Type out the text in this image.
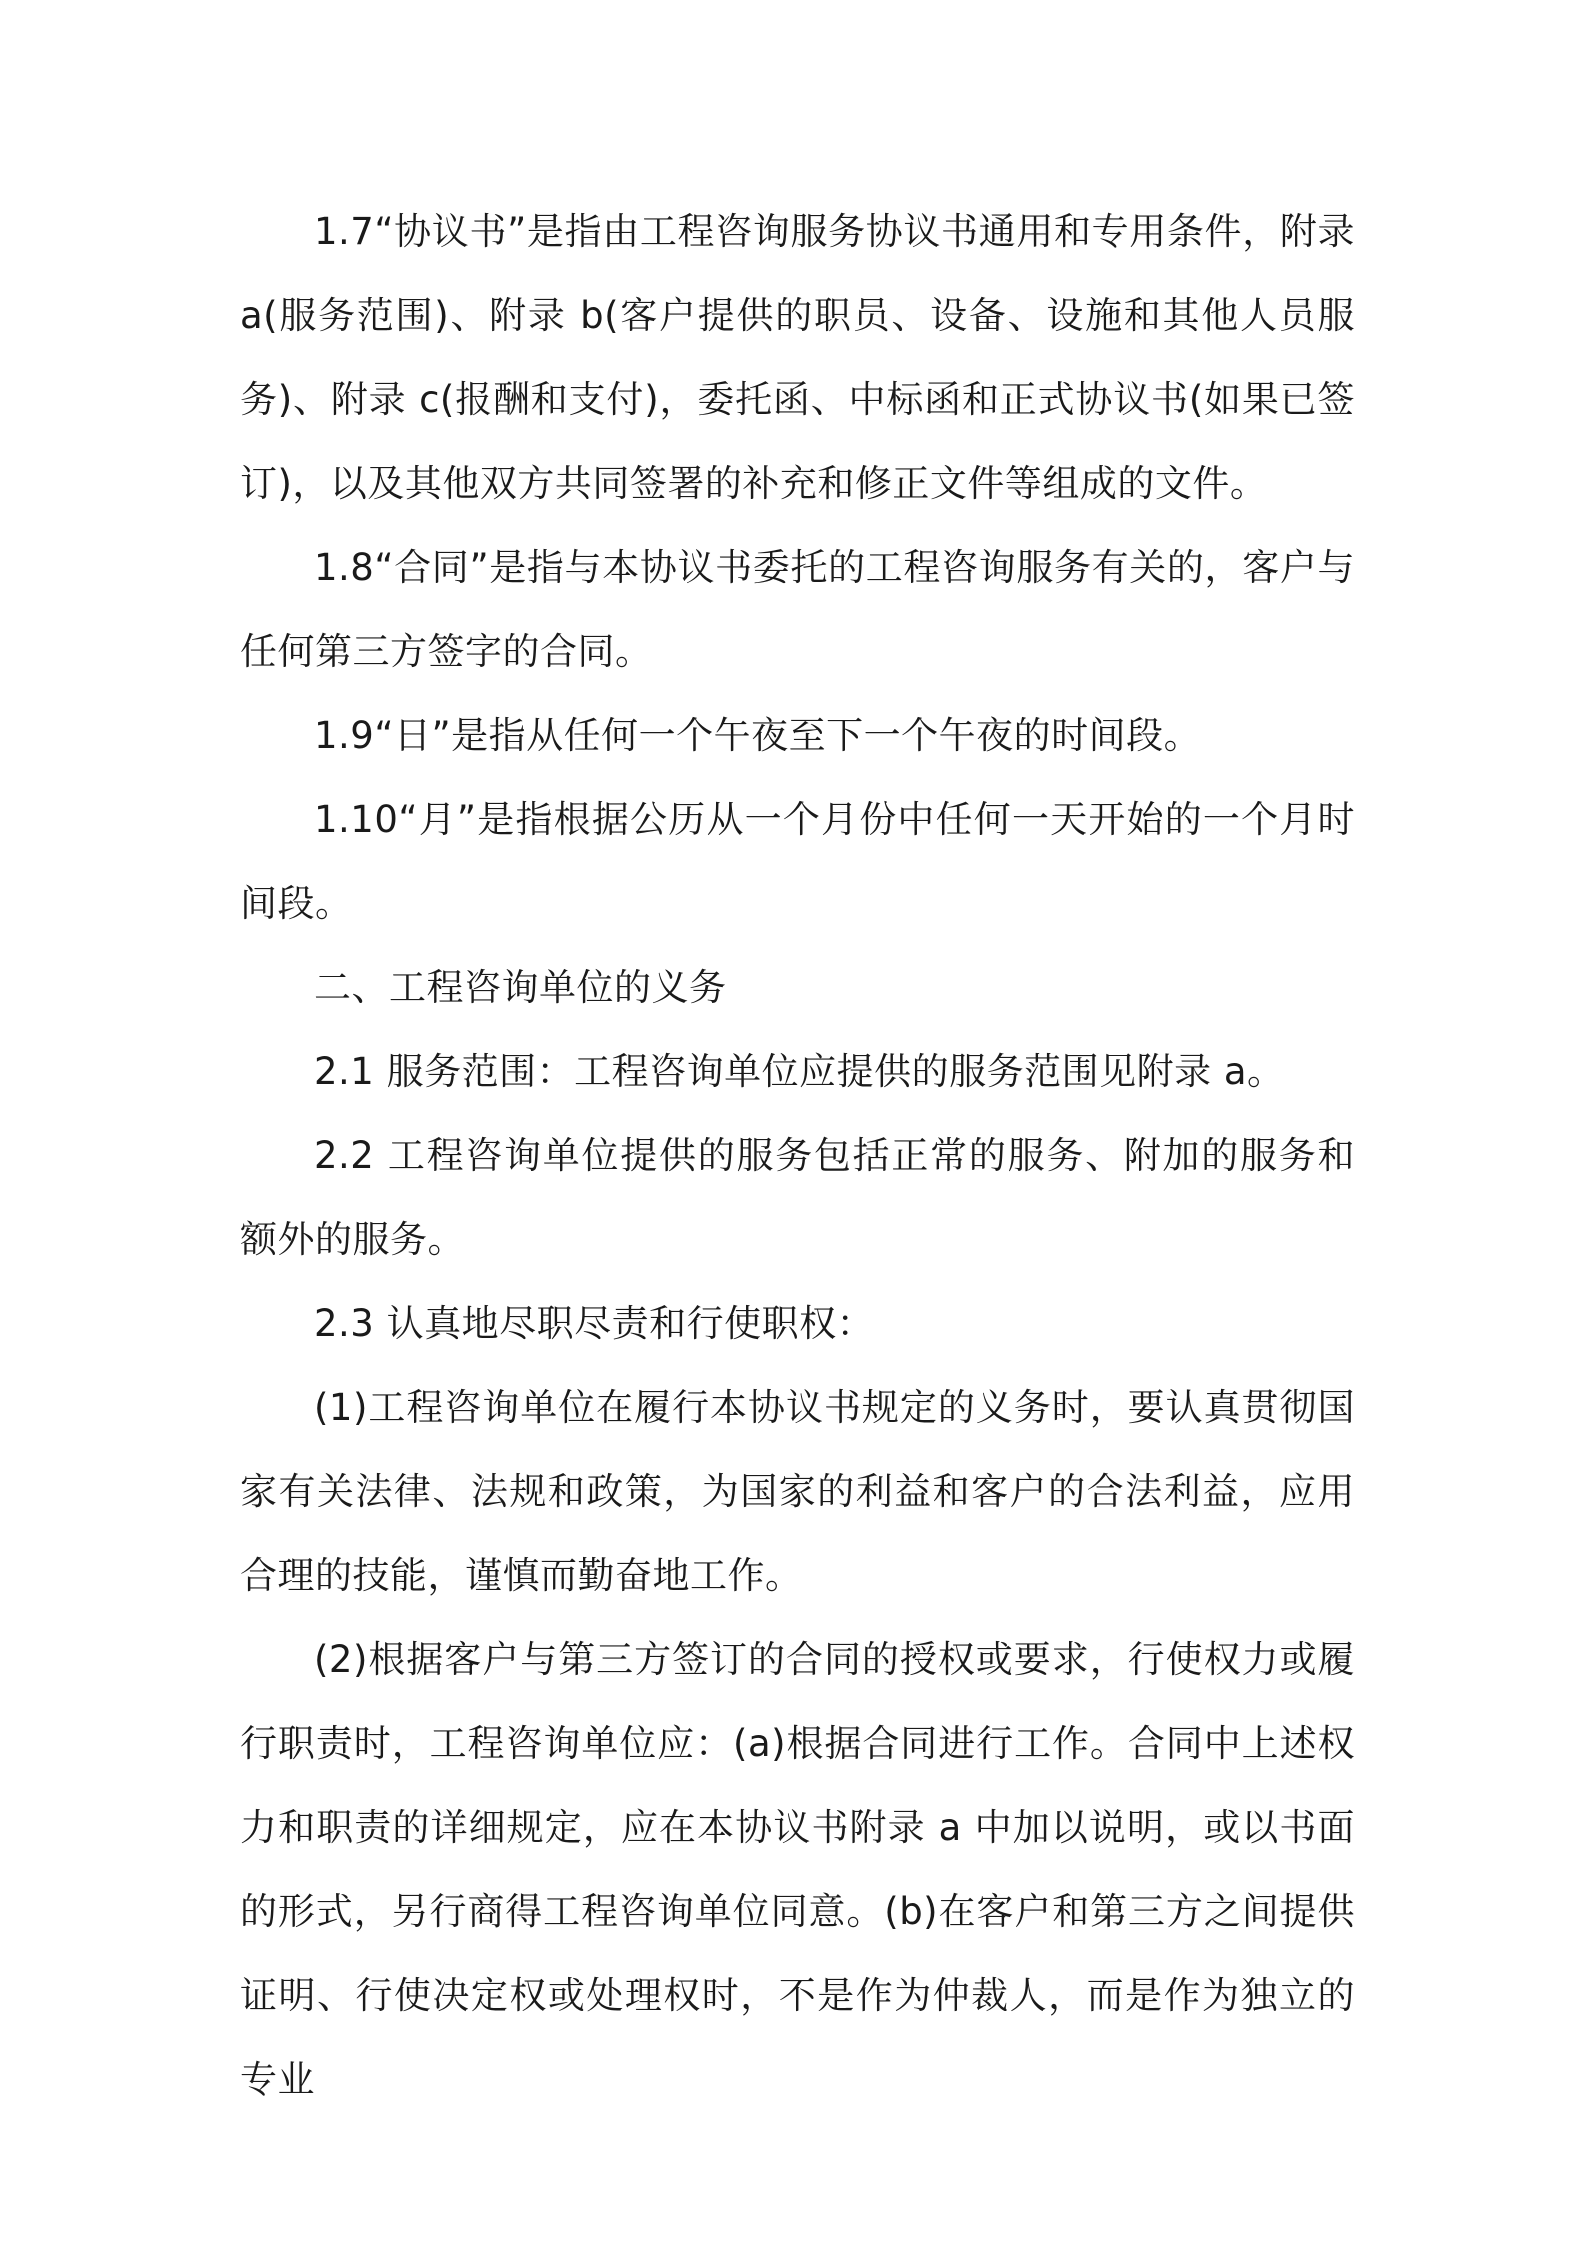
1.7“协议书”是指由工程咨询服务协议书通用和专用条件，附录 a(服务范围)、附录 b(客户提供的职员、设备、设施和其他人员服务)、附录 c(报酬和支付)，委托函、中标函和正式协议书(如果已签订)，以及其他双方共同签署的补充和修正文件等组成的文件。

1.8“合同”是指与本协议书委托的工程咨询服务有关的，客户与任何第三方签字的合同。

1.9“日”是指从任何一个午夜至下一个午夜的时间段。

1.10“月”是指根据公历从一个月份中任何一天开始的一个月时间段。

二、工程咨询单位的义务

2.1 服务范围：工程咨询单位应提供的服务范围见附录 a。

2.2 工程咨询单位提供的服务包括正常的服务、附加的服务和额外的服务。

2.3 认真地尽职尽责和行使职权：

(1)工程咨询单位在履行本协议书规定的义务时，要认真贯彻国家有关法律、法规和政策，为国家的利益和客户的合法利益，应用合理的技能，谨慎而勤奋地工作。

(2)根据客户与第三方签订的合同的授权或要求，行使权力或履行职责时，工程咨询单位应：(a)根据合同进行工作。合同中上述权力和职责的详细规定，应在本协议书附录 a 中加以说明，或以书面的形式，另行商得工程咨询单位同意。(b)在客户和第三方之间提供证明、行使决定权或处理权时，不是作为仲裁人，而是作为独立的专业
